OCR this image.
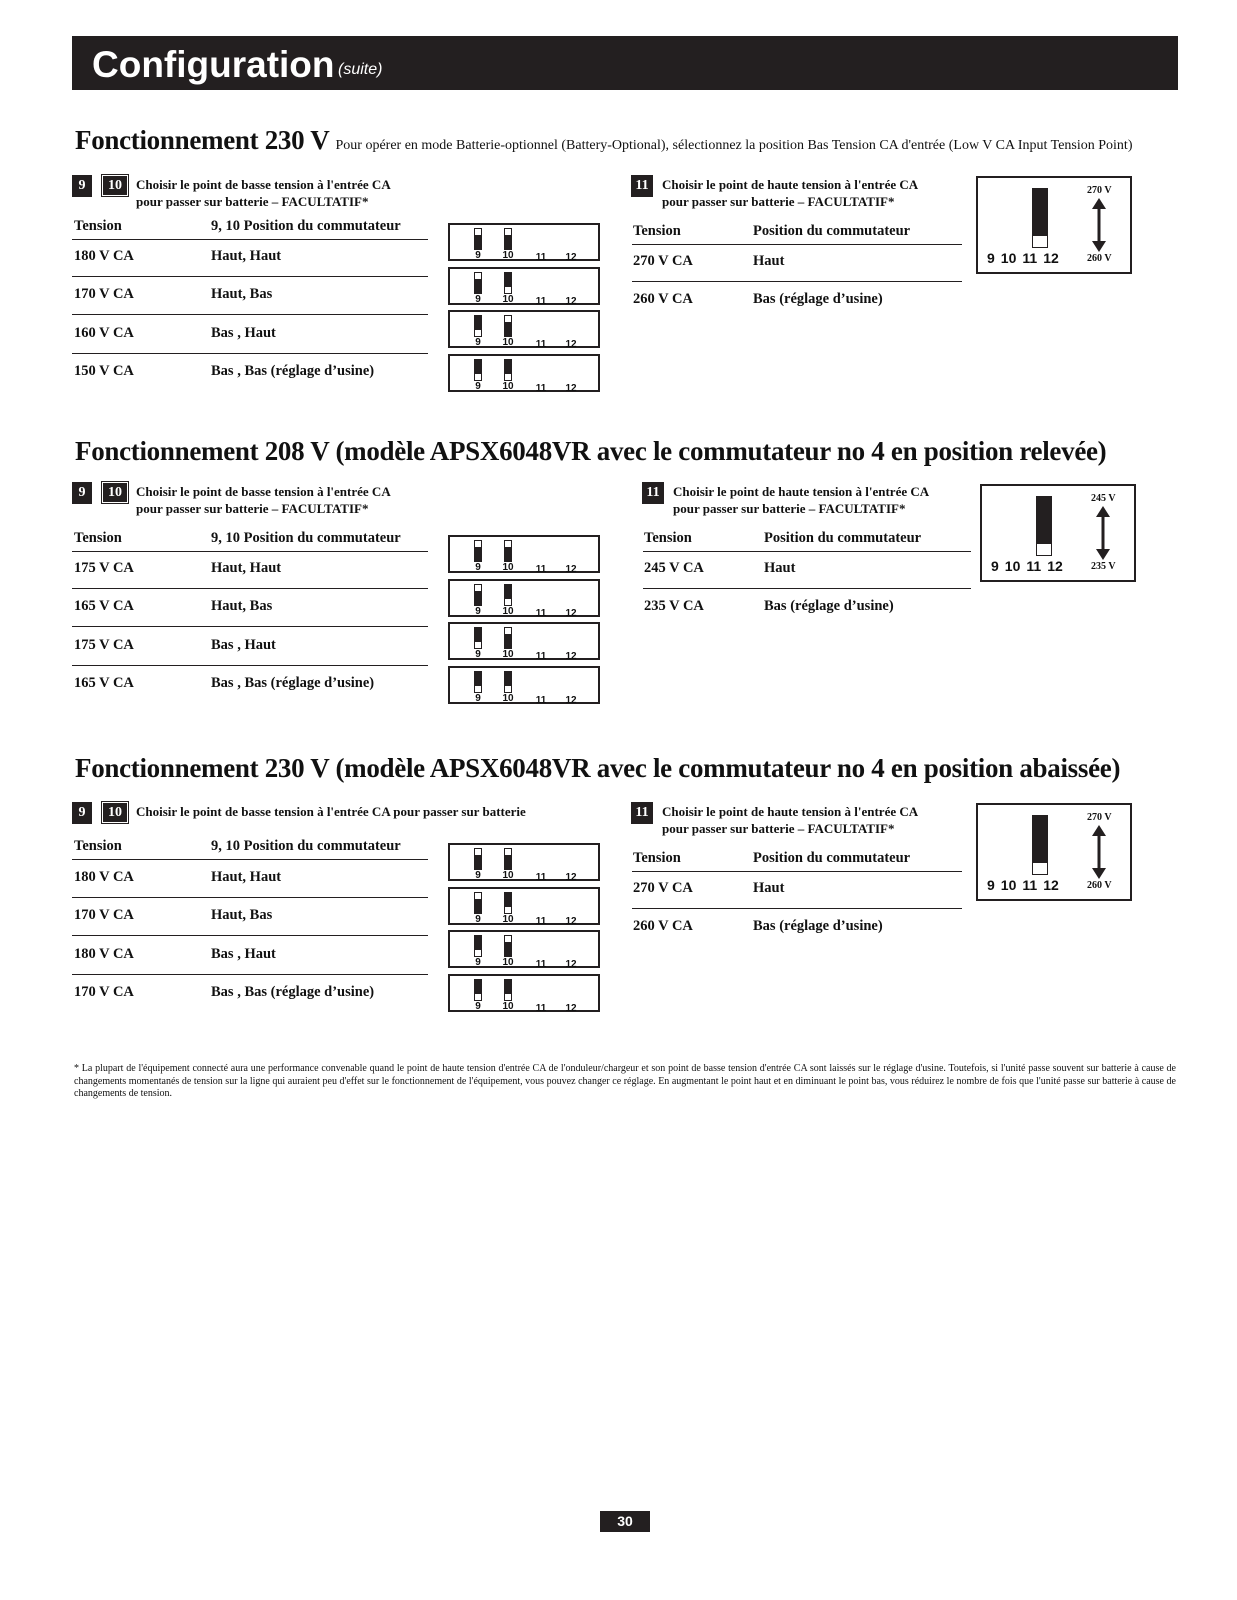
Configuration (suite)
Fonctionnement 230 V Pour opérer en mode Batterie-optionnel (Battery-Optional), sélectionnez la position Bas Tension CA d'entrée (Low V CA Input Tension Point)
9	10	Choisir le point de basse tension à l'entrée CA
pour passer sur batterie – FACULTATIF*
Tension	9, 10 Position du commutateur
180 V CA	Haut, Haut	9	10	11	12
170 V CA	Haut, Bas	9	10	11	12
160 V CA	Bas , Haut
9	10	11	12
150 V CA	Bas , Bas (réglage d’usine)
9	10	11	12
11	Choisir le point de haute tension à l'entrée CA
pour passer sur batterie – FACULTATIF*
Tension	Position du commutateur
270 V CA	Haut
260 V CA	Bas (réglage d’usine)
9 10 11 12
270 V
260 V
Fonctionnement 208 V (modèle APSX6048VR avec le commutateur no 4 en position relevée)
9	10	Choisir le point de basse tension à l'entrée CA
pour passer sur batterie – FACULTATIF*
Tension	9, 10 Position du commutateur
175 V CA	Haut, Haut	9	10	11	12
165 V CA	Haut, Bas	9	10	11	12
175 V CA	Bas , Haut
9	10	11	12
165 V CA	Bas , Bas (réglage d’usine)
9	10	11	12
11	Choisir le point de haute tension à l'entrée CA
pour passer sur batterie – FACULTATIF*
Tension	Position du commutateur
245 V CA	Haut
235 V CA	Bas (réglage d’usine)
9 10 11 12
245 V
235 V
Fonctionnement 230 V (modèle APSX6048VR avec le commutateur no 4 en position abaissée)
9	10	Choisir le point de basse tension à l'entrée CA pour passer sur batterie
Tension	9, 10 Position du commutateur
180 V CA	Haut, Haut	9	10	11	12
170 V CA	Haut, Bas	9	10	11	12
180 V CA	Bas , Haut
9	10	11	12
170 V CA	Bas , Bas (réglage d’usine)
9	10	11	12
11	Choisir le point de haute tension à l'entrée CA
pour passer sur batterie – FACULTATIF*
Tension	Position du commutateur
270 V CA	Haut
260 V CA	Bas (réglage d’usine)
9 10 11 12
270 V
260 V
* La plupart de l'équipement connecté aura une performance convenable quand le point de haute tension d'entrée CA de l'onduleur/chargeur et son point de basse tension d'entrée CA sont laissés sur le réglage d'usine. Toutefois, si l'unité passe souvent sur batterie à cause de changements momentanés de tension sur la ligne qui auraient peu d'effet sur le fonctionnement de l'équipement, vous pouvez changer ce réglage. En augmentant le point haut et en diminuant le point bas, vous réduirez le nombre de fois que l'unité passe sur batterie à cause de changements de tension.
30
